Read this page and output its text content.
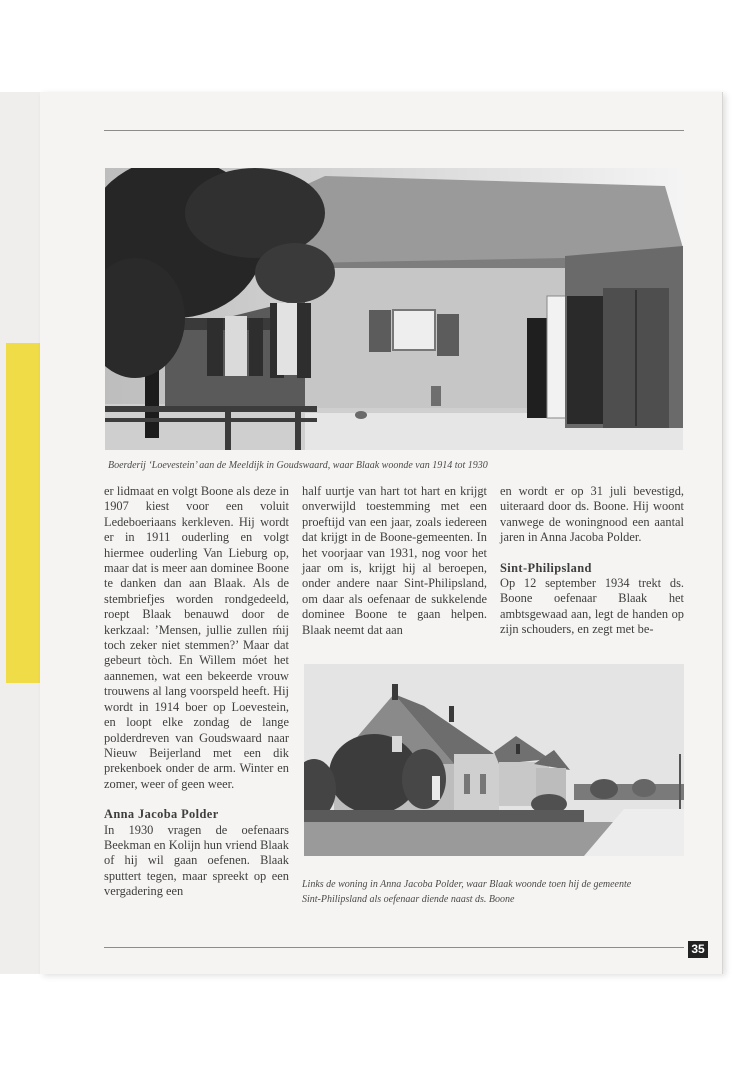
Boerderij ‘Loevestein’ aan de Meeldijk in Goudswaard, waar Blaak woonde van 1914 tot 1930

er lidmaat en volgt Boone als deze in 1907 kiest voor een voluit Ledeboeriaans kerkleven. Hij wordt er in 1911 ouderling en volgt hiermee ouderling Van Lieburg op, maar dat is meer aan dominee Boone te danken dan aan Blaak. Als de stembriefjes worden rondgedeeld, roept Blaak benauwd door de kerkzaal: ’Mensen, jullie zullen ḿij toch zeker niet stemmen?’ Maar dat gebeurt tòch. En Willem móet het aannemen, wat een bekeerde vrouw trouwens al lang voorspeld heeft. Hij wordt in 1914 boer op Loevestein, en loopt elke zondag de lange polderdreven van Goudswaard naar Nieuw Beijerland met een dik prekenboek onder de arm. Winter en zomer, weer of geen weer.

Anna Jacoba Polder

In 1930 vragen de oefenaars Beekman en Kolijn hun vriend Blaak of hij wil gaan oefenen. Blaak sputtert tegen, maar spreekt op een vergadering een

half uurtje van hart tot hart en krijgt onverwijld toestemming met een proeftijd van een jaar, zoals iedereen dat krijgt in de Boone-gemeenten. In het voorjaar van 1931, nog voor het jaar om is, krijgt hij al beroepen, onder andere naar Sint-Philipsland, om daar als oefenaar de sukkelende dominee Boone te gaan helpen. Blaak neemt dat aan

en wordt er op 31 juli bevestigd, uiteraard door ds. Boone. Hij woont vanwege de woningnood een aantal jaren in Anna Jacoba Polder.

Sint-Philipsland

Op 12 september 1934 trekt ds. Boone oefenaar Blaak het ambtsgewaad aan, legt de handen op zijn schouders, en zegt met be-

Links de woning in Anna Jacoba Polder, waar Blaak woonde toen hij de gemeente
Sint-Philipsland als oefenaar diende naast ds. Boone
35
